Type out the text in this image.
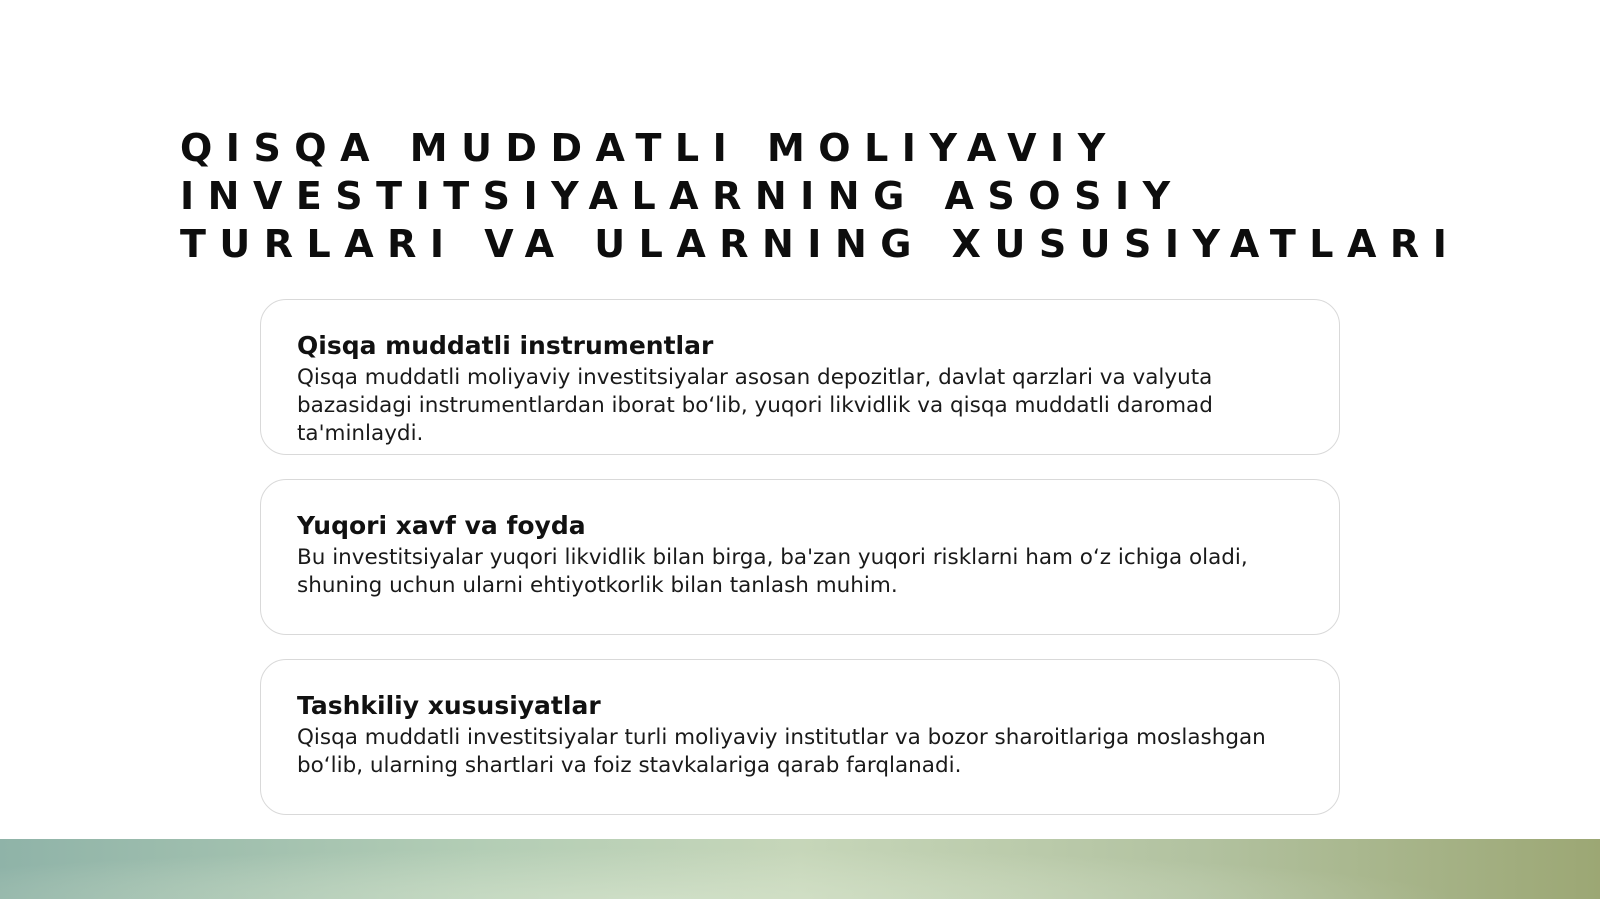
QISQA MUDDATLI MOLIYAVIY INVESTITSIYALARNING ASOSIY TURLARI VA ULARNING XUSUSIYATLARI
Qisqa muddatli instrumentlar
Qisqa muddatli moliyaviy investitsiyalar asosan depozitlar, davlat qarzlari va valyuta bazasidagi instrumentlardan iborat bo‘lib, yuqori likvidlik va qisqa muddatli daromad ta'minlaydi.
Yuqori xavf va foyda
Bu investitsiyalar yuqori likvidlik bilan birga, ba'zan yuqori risklarni ham o‘z ichiga oladi, shuning uchun ularni ehtiyotkorlik bilan tanlash muhim.
Tashkiliy xususiyatlar
Qisqa muddatli investitsiyalar turli moliyaviy institutlar va bozor sharoitlariga moslashgan bo‘lib, ularning shartlari va foiz stavkalariga qarab farqlanadi.
